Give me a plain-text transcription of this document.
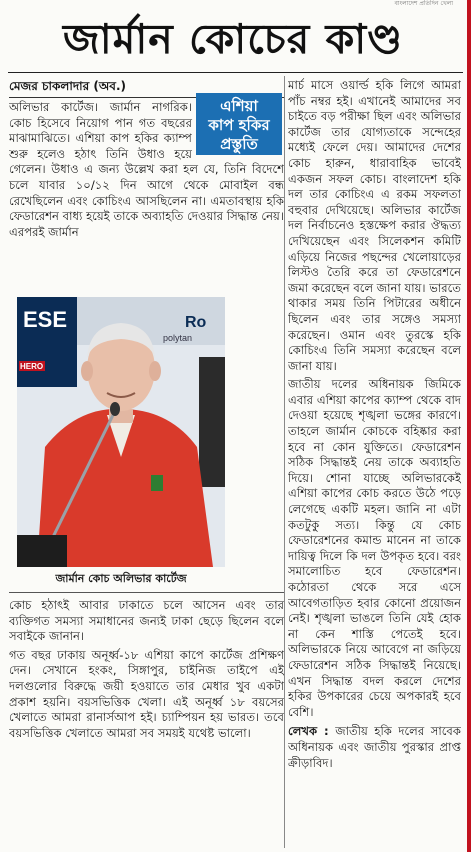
বাংলাদেশ প্রতিদিন খেলা
জার্মান কোচের কাণ্ড
মেজর চাকলাদার (অব.)
এশিয়া
কাপ হকির
প্রস্তুতি

অলিভার কার্টেজ। জার্মান নাগরিক। কোচ হিসেবে নিয়োগ পান গত বছরের মাঝামাঝিতে। এশিয়া কাপ হকির ক্যাম্প শুরু হলেও হঠাৎ তিনি উধাও হয়ে গেলেন। উধাও এ জন্য উল্লেখ করা হল যে, তিনি বিদেশে চলে যাবার ১০/১২ দিন আগে থেকে মোবাইল বন্ধ রেখেছিলেন এবং কোচিংএ আসছিলেন না। এমতাবস্থায় হকি ফেডারেশন বাধ্য হয়েই তাকে অব্যাহতি দেওয়ার সিদ্ধান্ত নেয়। এরপরই জার্মান

ESE	Ro
HERO
polytan
জার্মান কোচ অলিভার কার্টেজ

কোচ হঠাৎই আবার ঢাকাতে চলে আসেন এবং তার ব্যক্তিগত সমস্যা সমাধানের জন্যই ঢাকা ছেড়ে ছিলেন বলে সবাইকে জানান।

গত বছর ঢাকায় অনূর্ধ্ব-১৮ এশিয়া কাপে কার্টেজ প্রশিক্ষণ দেন। সেখানে হংকং, সিঙ্গাপুর, চাইনিজ তাইপে এই দলগুলোর বিরুদ্ধে জয়ী হওয়াতে তার মেধার খুব একটা প্রকাশ হয়নি। বয়সভিত্তিক খেলা। এই অনূর্ধ্ব ১৮ বয়সের খেলাতে আমরা রানার্সআপ হই। চ্যাম্পিয়ন হয় ভারত। তবে বয়সভিত্তিক খেলাতে আমরা সব সময়ই যথেষ্ট ভালো।

মার্চ মাসে ওয়ার্ল্ড হকি লিগে আমরা পাঁচ নম্বর হই। এখানেই আমাদের সব চাইতে বড় পরীক্ষা ছিল এবং অলিভার কার্টেজ তার যোগ্যতাকে সন্দেহের মধ্যেই ফেলে দেয়। আমাদের দেশের কোচ হারুন, ধারাবাহিক ভাবেই একজন সফল কোচ। বাংলাদেশ হকি দল তার কোচিংএ এ রকম সফলতা বহুবার দেখিয়েছে। অলিভার কার্টেজ দল নির্বাচনেও হস্তক্ষেপ করার ঔদ্ধত্য দেখিয়েছেন এবং সিলেকশন কমিটি এড়িয়ে নিজের পছন্দের খেলোয়াড়ের লিস্টও তৈরি করে তা ফেডারেশনে জমা করেছেন বলে জানা যায়। ভারতে থাকার সময় তিনি পিটারের অধীনে ছিলেন এবং তার সঙ্গেও সমস্যা করেছেন। ওমান এবং তুরস্কে হকি কোচিংএ তিনি সমস্যা করেছেন বলে জানা যায়।

জাতীয় দলের অধিনায়ক জিমিকে এবার এশিয়া কাপের ক্যাম্প থেকে বাদ দেওয়া হয়েছে শৃঙ্খলা ভঙ্গের কারণে। তাহলে জার্মান কোচকে বহিষ্কার করা হবে না কোন যুক্তিতে। ফেডারেশন সঠিক সিদ্ধান্তই নেয় তাকে অব্যাহতি দিয়ে। শোনা যাচ্ছে অলিভারকেই এশিয়া কাপের কোচ করতে উঠে পড়ে লেগেছে একটি মহল। জানি না এটা কতটুকু সত্য। কিন্তু যে কোচ ফেডারেশনের কমান্ড মানেন না তাকে দায়িত্ব দিলে কি দল উপকৃত হবে। বরং সমালোচিত হবে ফেডারেশন। কঠোরতা থেকে সরে এসে আবেগতাড়িত হবার কোনো প্রয়োজন নেই। শৃঙ্খলা ভাঙলে তিনি যেই হোক না কেন শাস্তি পেতেই হবে। অলিভারকে নিয়ে আবেগে না জড়িয়ে ফেডারেশন সঠিক সিদ্ধান্তই নিয়েছে। এখন সিদ্ধান্ত বদল করলে দেশের হকির উপকারের চেয়ে অপকারই হবে বেশি।

লেখক : জাতীয় হকি দলের সাবেক অধিনায়ক এবং জাতীয় পুরস্কার প্রাপ্ত ক্রীড়াবিদ।
